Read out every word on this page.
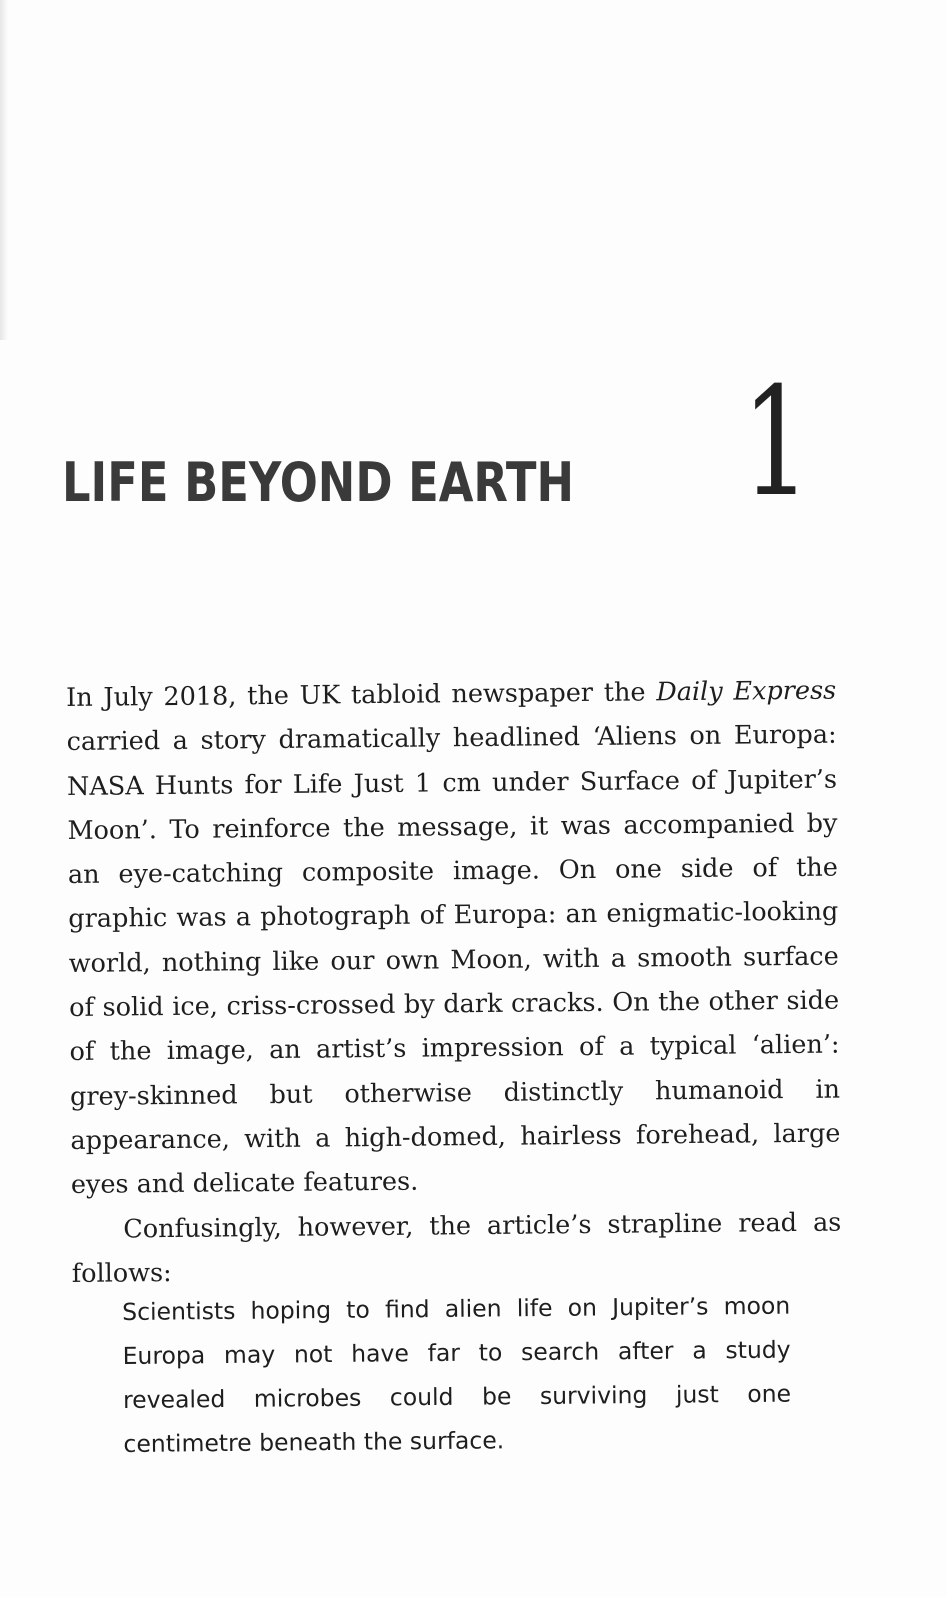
1
LIFE BEYOND EARTH

In July 2018, the UK tabloid newspaper the Daily Express carried a story dramatically headlined ‘Aliens on Europa: NASA Hunts for Life Just 1 cm under Surface of Jupiter’s Moon’. To reinforce the message, it was accompanied by an eye-catching composite image. On one side of the graphic was a photograph of Europa: an enigmatic-looking world, nothing like our own Moon, with a smooth surface of solid ice, criss-crossed by dark cracks. On the other side of the image, an artist’s impression of a typical ‘alien’: grey-skinned but otherwise distinctly humanoid in appearance, with a high-domed, hairless forehead, large eyes and delicate features.

Confusingly, however, the article’s strapline read as follows:

Scientists hoping to find alien life on Jupiter’s moon Europa may not have far to search after a study revealed microbes could be surviving just one centimetre beneath the surface.
